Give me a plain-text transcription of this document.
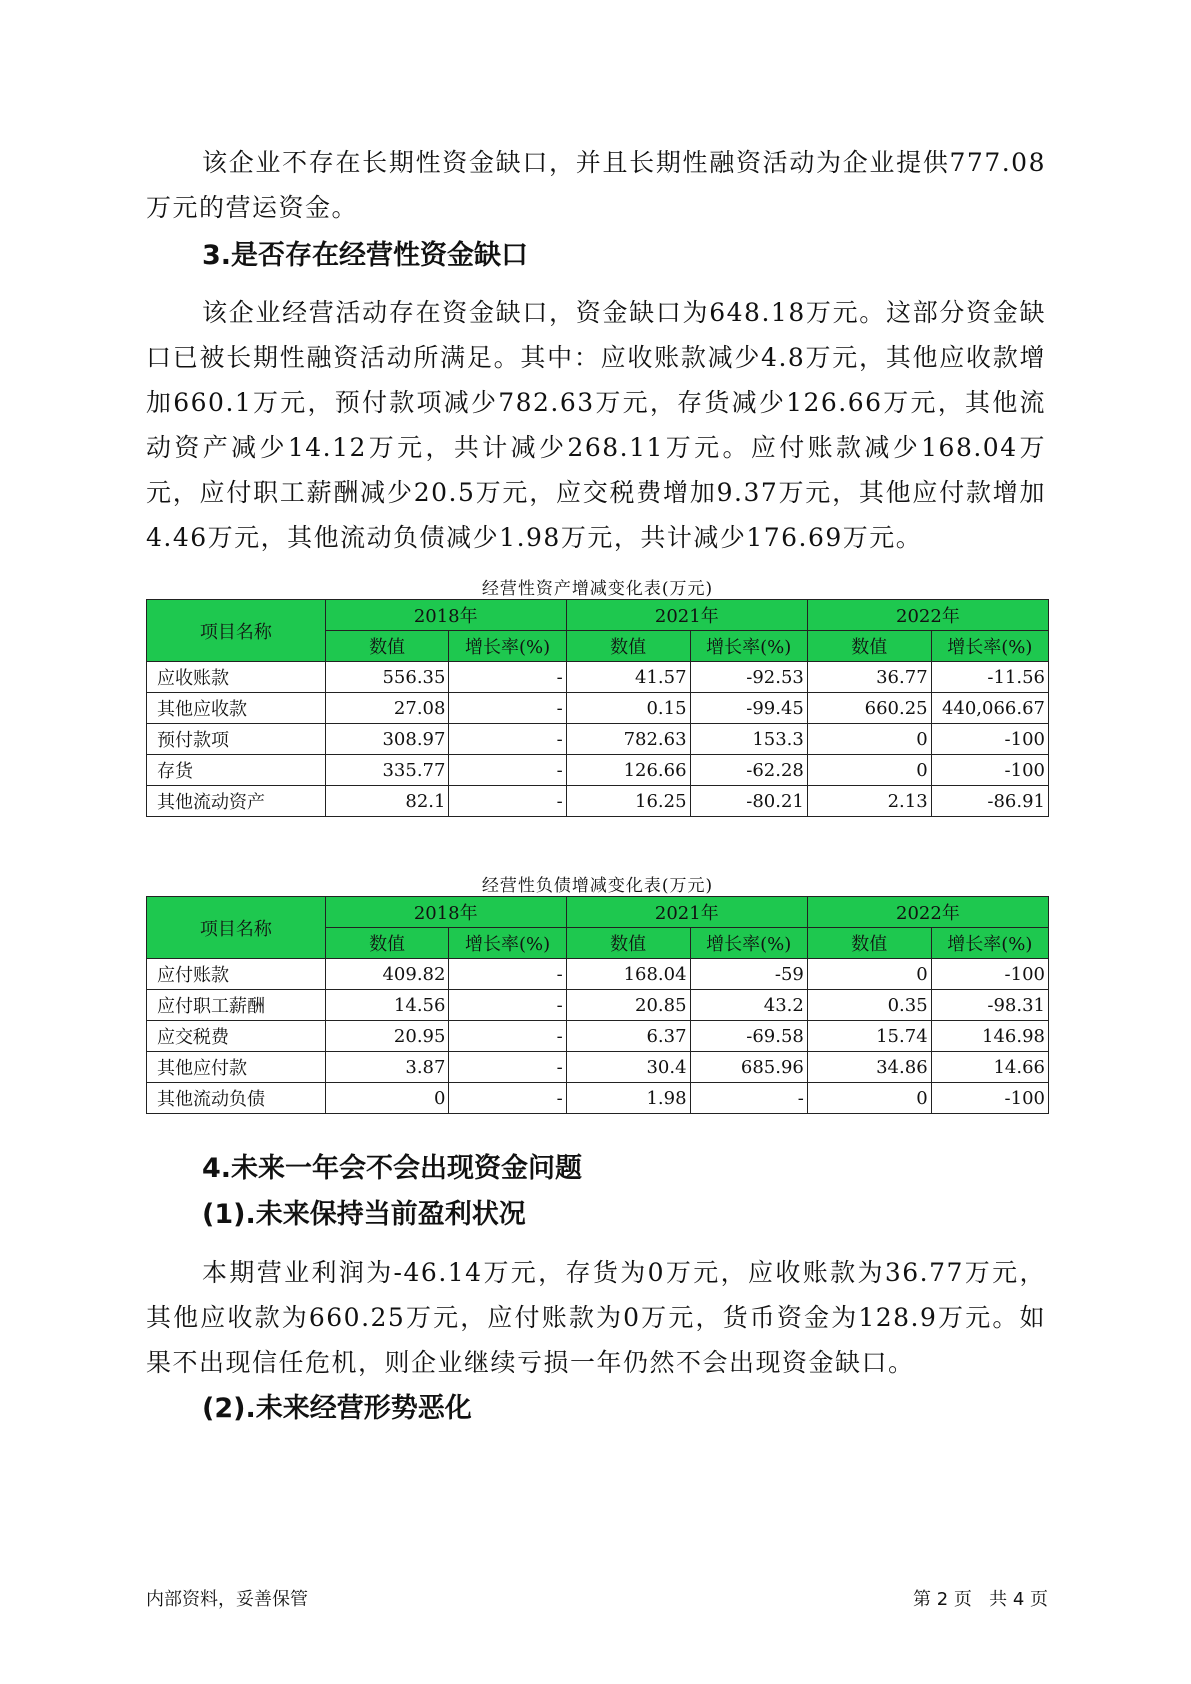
该企业不存在长期性资金缺口，并且长期性融资活动为企业提供777.08万元的营运资金。

3.是否存在经营性资金缺口

该企业经营活动存在资金缺口，资金缺口为648.18万元。这部分资金缺口已被长期性融资活动所满足。其中：应收账款减少4.8万元，其他应收款增加660.1万元，预付款项减少782.63万元，存货减少126.66万元，其他流动资产减少14.12万元，共计减少268.11万元。应付账款减少168.04万元，应付职工薪酬减少20.5万元，应交税费增加9.37万元，其他应付款增加4.46万元，其他流动负债减少1.98万元，共计减少176.69万元。

经营性资产增减变化表(万元)
项目名称	2018年		2021年		2022年	
	数值	增长率(%)	数值	增长率(%)	数值	增长率(%)
应收账款	556.35	-	41.57	-92.53	36.77	-11.56
其他应收款	27.08	-	0.15	-99.45	660.25	440,066.67
预付款项	308.97	-	782.63	153.3	0	-100
存货	335.77	-	126.66	-62.28	0	-100
其他流动资产	82.1	-	16.25	-80.21	2.13	-86.91
经营性负债增减变化表(万元)
项目名称	2018年		2021年		2022年	
	数值	增长率(%)	数值	增长率(%)	数值	增长率(%)
应付账款	409.82	-	168.04	-59	0	-100
应付职工薪酬	14.56	-	20.85	43.2	0.35	-98.31
应交税费	20.95	-	6.37	-69.58	15.74	146.98
其他应付款	3.87	-	30.4	685.96	34.86	14.66
其他流动负债	0	-	1.98	-	0	-100
4.未来一年会不会出现资金问题
(1).未来保持当前盈利状况

本期营业利润为-46.14万元，存货为0万元，应收账款为36.77万元，其他应收款为660.25万元，应付账款为0万元，货币资金为128.9万元。如果不出现信任危机，则企业继续亏损一年仍然不会出现资金缺口。

(2).未来经营形势恶化
内部资料，妥善保管	第 2 页   共 4 页
